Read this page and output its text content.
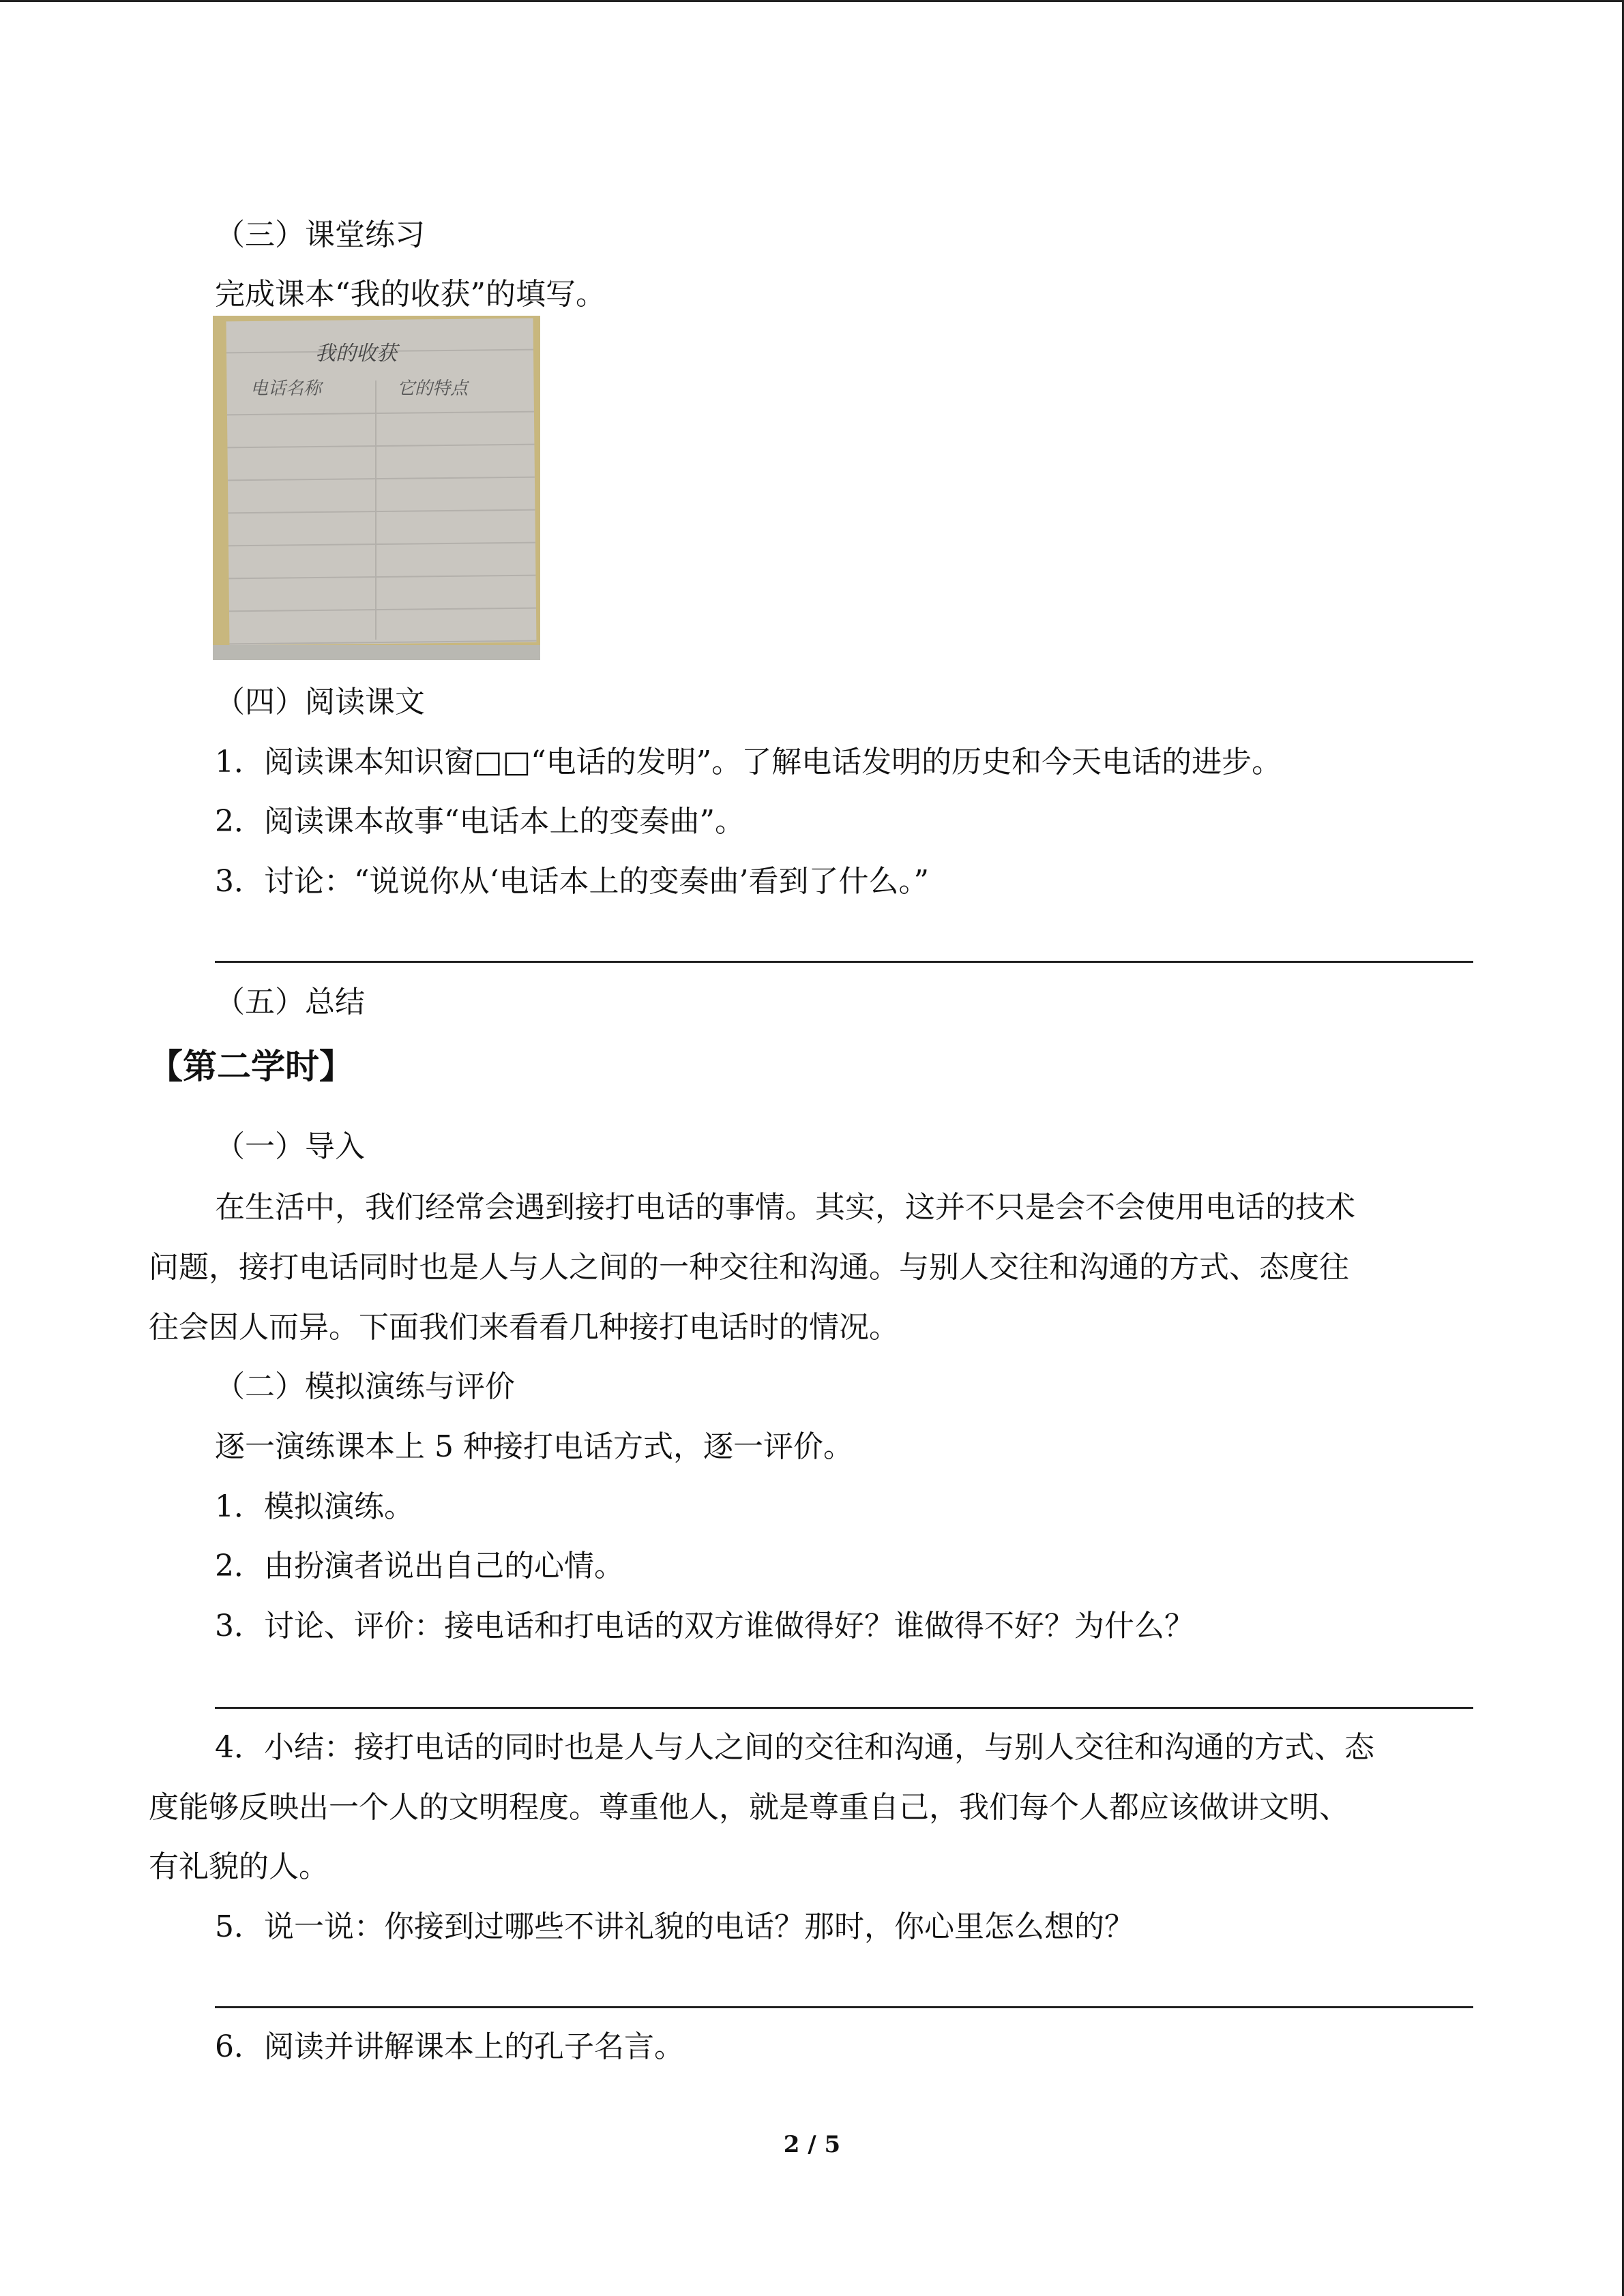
（三）课堂练习
完成课本“我的收获”的填写。
我的收获
电话名称	它的特点
（四）阅读课文
1．阅读课本知识窗□□“电话的发明”。了解电话发明的历史和今天电话的进步。
2．阅读课本故事“电话本上的变奏曲”。
3．讨论：“说说你从‘电话本上的变奏曲’看到了什么。”
（五）总结
【第二学时】
（一）导入
在生活中，我们经常会遇到接打电话的事情。其实，这并不只是会不会使用电话的技术
问题，接打电话同时也是人与人之间的一种交往和沟通。与别人交往和沟通的方式、态度往
往会因人而异。下面我们来看看几种接打电话时的情况。
（二）模拟演练与评价
逐一演练课本上 5 种接打电话方式，逐一评价。
1．模拟演练。
2．由扮演者说出自己的心情。
3．讨论、评价：接电话和打电话的双方谁做得好？谁做得不好？为什么？
4．小结：接打电话的同时也是人与人之间的交往和沟通，与别人交往和沟通的方式、态
度能够反映出一个人的文明程度。尊重他人，就是尊重自己，我们每个人都应该做讲文明、
有礼貌的人。
5．说一说：你接到过哪些不讲礼貌的电话？那时，你心里怎么想的？
6．阅读并讲解课本上的孔子名言。
2 / 5
